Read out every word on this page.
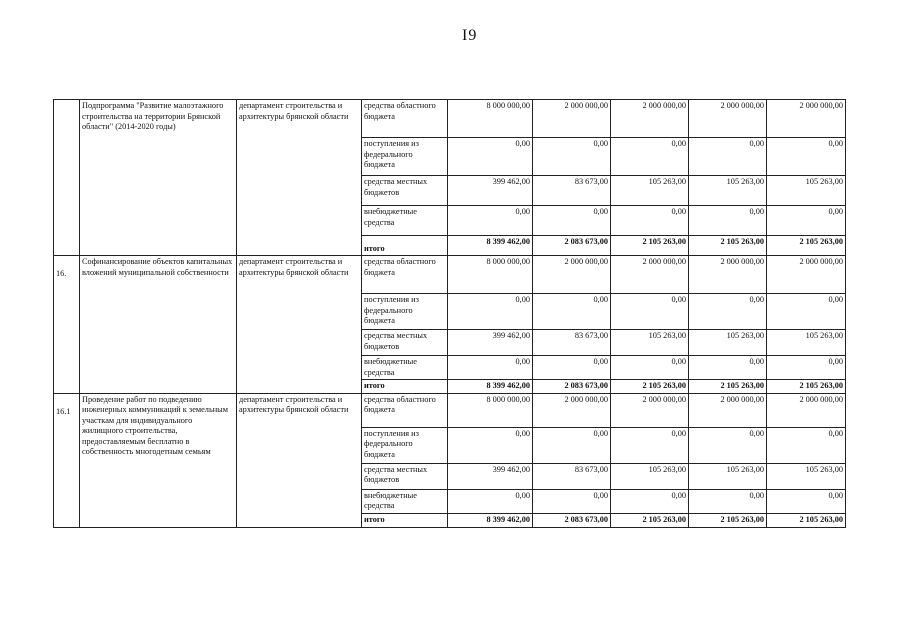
I9
	Подпрограмма "Развитие малоэтажного строительства на территории Брянской области" (2014-2020 годы)	департамент строительства и архитектуры брянской области	средства областного бюджета	8 000 000,00	2 000 000,00	2 000 000,00	2 000 000,00	2 000 000,00
			поступления из федерального бюджета	0,00	0,00	0,00	0,00	0,00
			средства местных бюджетов	399 462,00	83 673,00	105 263,00	105 263,00	105 263,00
			внебюджетные средства	0,00	0,00	0,00	0,00	0,00
			итого	8 399 462,00	2 083 673,00	2 105 263,00	2 105 263,00	2 105 263,00
16.	Софинансирование объектов капитальных вложений муниципальной собственности	департамент строительства и архитектуры брянской области	средства областного бюджета	8 000 000,00	2 000 000,00	2 000 000,00	2 000 000,00	2 000 000,00
			поступления из федерального бюджета	0,00	0,00	0,00	0,00	0,00
			средства местных бюджетов	399 462,00	83 673,00	105 263,00	105 263,00	105 263,00
			внебюджетные средства	0,00	0,00	0,00	0,00	0,00
			итого	8 399 462,00	2 083 673,00	2 105 263,00	2 105 263,00	2 105 263,00
16.1	Проведение работ по подведению инженерных коммуникаций к земельным участкам для индивидуального жилищного строительства, предоставляемым бесплатно в собственность многодетным семьям	департамент строительства и архитектуры брянской области	средства областного бюджета	8 000 000,00	2 000 000,00	2 000 000,00	2 000 000,00	2 000 000,00
			поступления из федерального бюджета	0,00	0,00	0,00	0,00	0,00
			средства местных бюджетов	399 462,00	83 673,00	105 263,00	105 263,00	105 263,00
			внебюджетные средства	0,00	0,00	0,00	0,00	0,00
			итого	8 399 462,00	2 083 673,00	2 105 263,00	2 105 263,00	2 105 263,00
